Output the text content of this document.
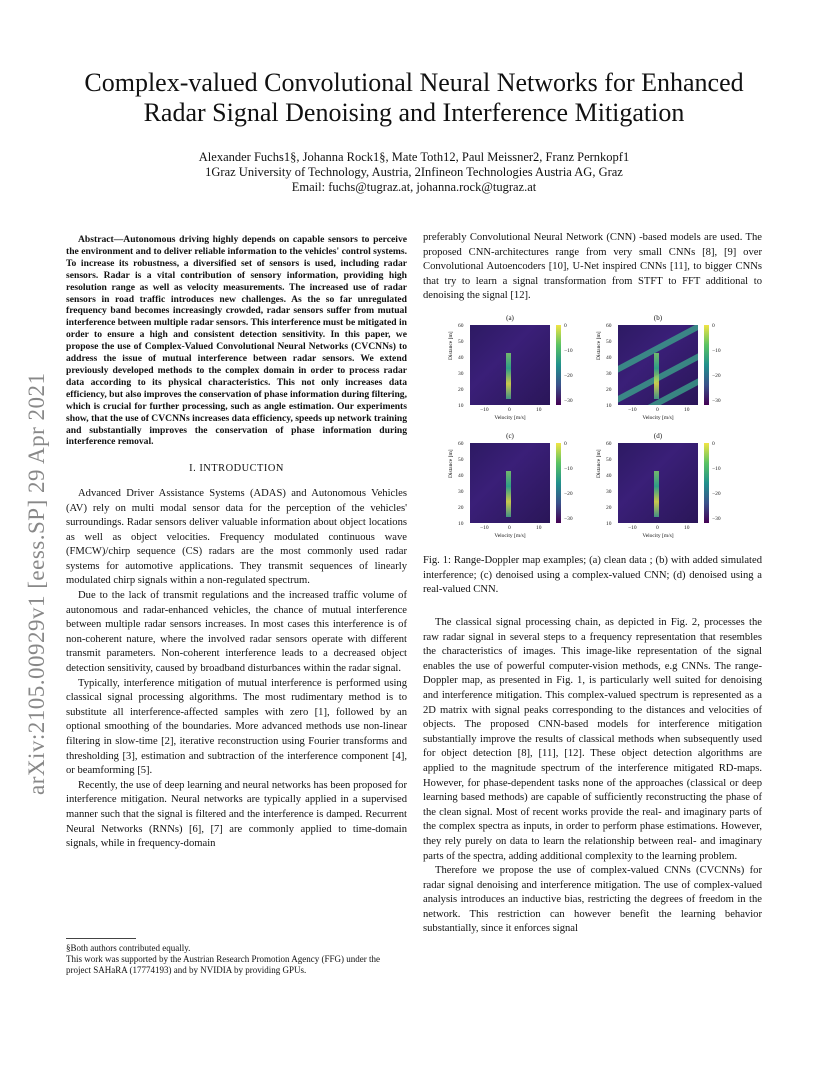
arXiv:2105.00929v1 [eess.SP] 29 Apr 2021
Complex-valued Convolutional Neural Networks for Enhanced
Radar Signal Denoising and Interference Mitigation
Alexander Fuchs1§, Johanna Rock1§, Mate Toth12, Paul Meissner2, Franz Pernkopf1
1Graz University of Technology, Austria, 2Infineon Technologies Austria AG, Graz
Email: fuchs@tugraz.at, johanna.rock@tugraz.at

Abstract—Autonomous driving highly depends on capable sensors to perceive the environment and to deliver reliable information to the vehicles' control systems. To increase its robustness, a diversified set of sensors is used, including radar sensors. Radar is a vital contribution of sensory information, providing high resolution range as well as velocity measurements. The increased use of radar sensors in road traffic introduces new challenges. As the so far unregulated frequency band becomes increasingly crowded, radar sensors suffer from mutual interference between multiple radar sensors. This interference must be mitigated in order to ensure a high and consistent detection sensitivity. In this paper, we propose the use of Complex-Valued Convolutional Neural Networks (CVCNNs) to address the issue of mutual interference between radar sensors. We extend previously developed methods to the complex domain in order to process radar data according to its physical characteristics. This not only increases data efficiency, but also improves the conservation of phase information during filtering, which is crucial for further processing, such as angle estimation. Our experiments show, that the use of CVCNNs increases data efficiency, speeds up network training and substantially improves the conservation of phase information during interference removal.

I. INTRODUCTION

Advanced Driver Assistance Systems (ADAS) and Autonomous Vehicles (AV) rely on multi modal sensor data for the perception of the vehicles' surroundings. Radar sensors deliver valuable information about object locations as well as object velocities. Frequency modulated continuous wave (FMCW)/chirp sequence (CS) radars are the most commonly used radar systems for automotive applications. They transmit sequences of linearly modulated chirp signals within a non-regulated spectrum.

Due to the lack of transmit regulations and the increased traffic volume of autonomous and radar-enhanced vehicles, the chance of mutual interference between multiple radar sensors increases. In most cases this interference is of non-coherent nature, where the involved radar sensors operate with different transmit parameters. Non-coherent interference leads to a decreased object detection sensitivity, caused by broadband disturbances within the radar signal.

Typically, interference mitigation of mutual interference is performed using classical signal processing algorithms. The most rudimentary method is to substitute all interference-affected samples with zero [1], followed by an optional smoothing of the boundaries. More advanced methods use non-linear filtering in slow-time [2], iterative reconstruction using Fourier transforms and thresholding [3], estimation and subtraction of the interference component [4], or beamforming [5].

Recently, the use of deep learning and neural networks has been proposed for interference mitigation. Neural networks are typically applied in a supervised manner such that the signal is filtered and the interference is damped. Recurrent Neural Networks (RNNs) [6], [7] are commonly applied to time-domain signals, while in frequency-domain

§Both authors contributed equally.
This work was supported by the Austrian Research Promotion Agency (FFG) under the project SAHaRA (17774193) and by NVIDIA by providing GPUs.

preferably Convolutional Neural Network (CNN) -based models are used. The proposed CNN-architectures range from very small CNNs [8], [9] over Convolutional Autoencoders [10], U-Net inspired CNNs [11], to bigger CNNs that try to learn a signal transformation from STFT to FFT additional to denoising the signal [12].

(a)
Distance [m]
Velocity [m/s]
60
50
40
30
20
10
−10	0	10
0
−10
−20
−30
(b)
Distance [m]
Velocity [m/s]
60
50
40
30
20
10
−10	0	10
0
−10
−20
−30
(c)
Distance [m]
Velocity [m/s]
60
50
40
30
20
10
−10	0	10
0
−10
−20
−30
(d)
Distance [m]
Velocity [m/s]
60
50
40
30
20
10
−10	0	10
0
−10
−20
−30
Fig. 1: Range-Doppler map examples; (a) clean data ; (b) with added simulated interference; (c) denoised using a complex-valued CNN; (d) denoised using a real-valued CNN.

The classical signal processing chain, as depicted in Fig. 2, processes the raw radar signal in several steps to a frequency representation that resembles the characteristics of images. This image-like representation of the signal enables the use of powerful computer-vision methods, e.g CNNs. The range-Doppler map, as presented in Fig. 1, is particularly well suited for denoising and interference mitigation. This complex-valued spectrum is represented as a 2D matrix with signal peaks corresponding to the distances and velocities of objects. The proposed CNN-based models for interference mitigation substantially improve the results of classical methods when subsequently used for object detection [8], [11], [12]. These object detection algorithms are applied to the magnitude spectrum of the interference mitigated RD-maps. However, for phase-dependent tasks none of the approaches (classical or deep learning based methods) are capable of sufficiently reconstructing the phase of the clean signal. Most of recent works provide the real- and imaginary parts of the complex spectra as inputs, in order to perform phase estimations. However, they rely purely on data to learn the relationship between real- and imaginary parts of the spectra, adding additional complexity to the learning problem.

Therefore we propose the use of complex-valued CNNs (CVCNNs) for radar signal denoising and interference mitigation. The use of complex-valued analysis introduces an inductive bias, restricting the degrees of freedom in the network. This restriction can however benefit the learning behavior substantially, since it enforces signal
